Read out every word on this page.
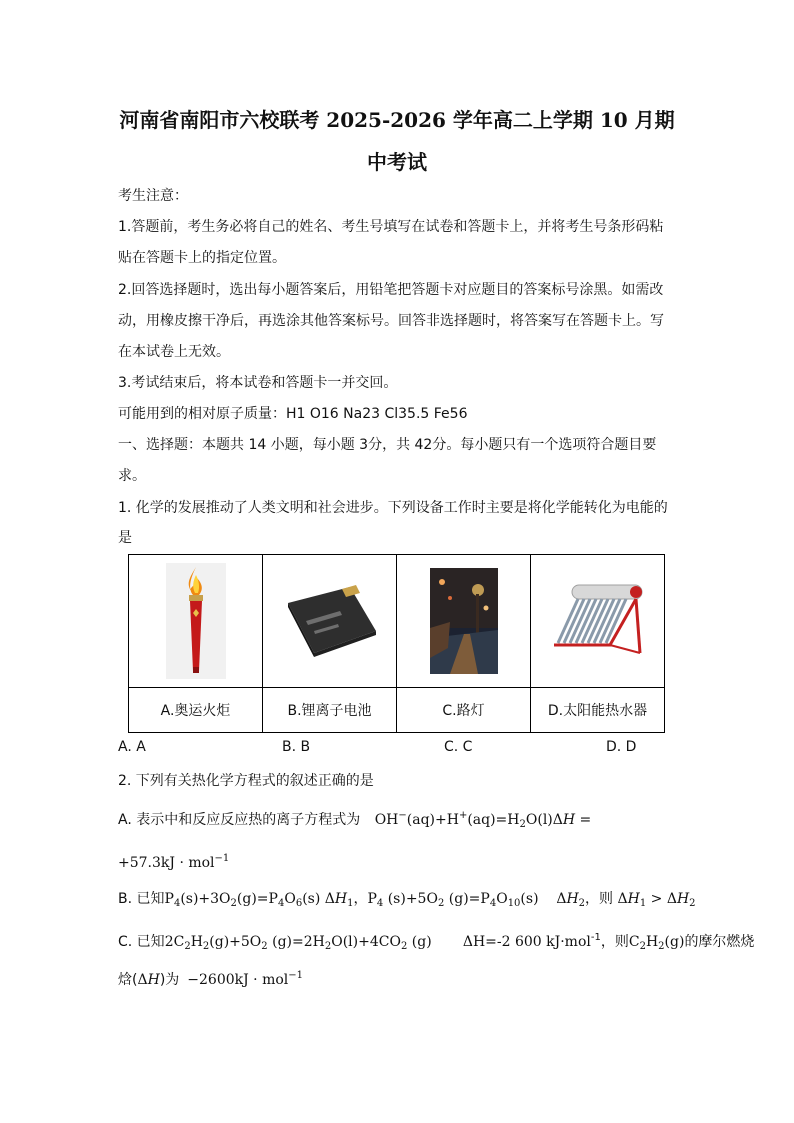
河南省南阳市六校联考 2025-2026 学年高二上学期 10 月期
中考试
考生注意：
1.答题前，考生务必将自己的姓名、考生号填写在试卷和答题卡上，并将考生号条形码粘
贴在答题卡上的指定位置。
2.回答选择题时，选出每小题答案后，用铅笔把答题卡对应题目的答案标号涂黑。如需改
动，用橡皮擦干净后，再选涂其他答案标号。回答非选择题时，将答案写在答题卡上。写
在本试卷上无效。
3.考试结束后，将本试卷和答题卡一并交回。
可能用到的相对原子质量：H1 O16 Na23 Cl35.5 Fe56
一、选择题：本题共 14 小题，每小题 3分，共 42分。每小题只有一个选项符合题目要
求。
1. 化学的发展推动了人类文明和社会进步。下列设备工作时主要是将化学能转化为电能的
是

A.奥运火炬	B.锂离子电池	C.路灯	D.太阳能热水器
A. A	B. B	C. C	D. D
2. 下列有关热化学方程式的叙述正确的是
A. 表示中和反应反应热的离子方程式为 $OH^-(aq)+H^+(aq)=H_2O(l)\Delta H$ =
+57.3kJ · mol$^{-1}$
B. 已知$P_4(s)+3O_2(g)=P_4O_6(s)$ $\Delta H_1$，$P_4$ $(s)+5O_2$ $(g)=P_4O_{10}(s)$    $\Delta H_2$，则 $\Delta H_1 > \Delta H_2$
C. 已知$2C_2H_2(g)+5O_2$ $(g)=2H_2O(l)+4CO_2$ (g)       ΔH=-2 600 kJ·mol$^{-1}$，则$C_2H_2(g)$的摩尔燃烧
焓(ΔH)为 −2600kJ · mol$^{-1}$
